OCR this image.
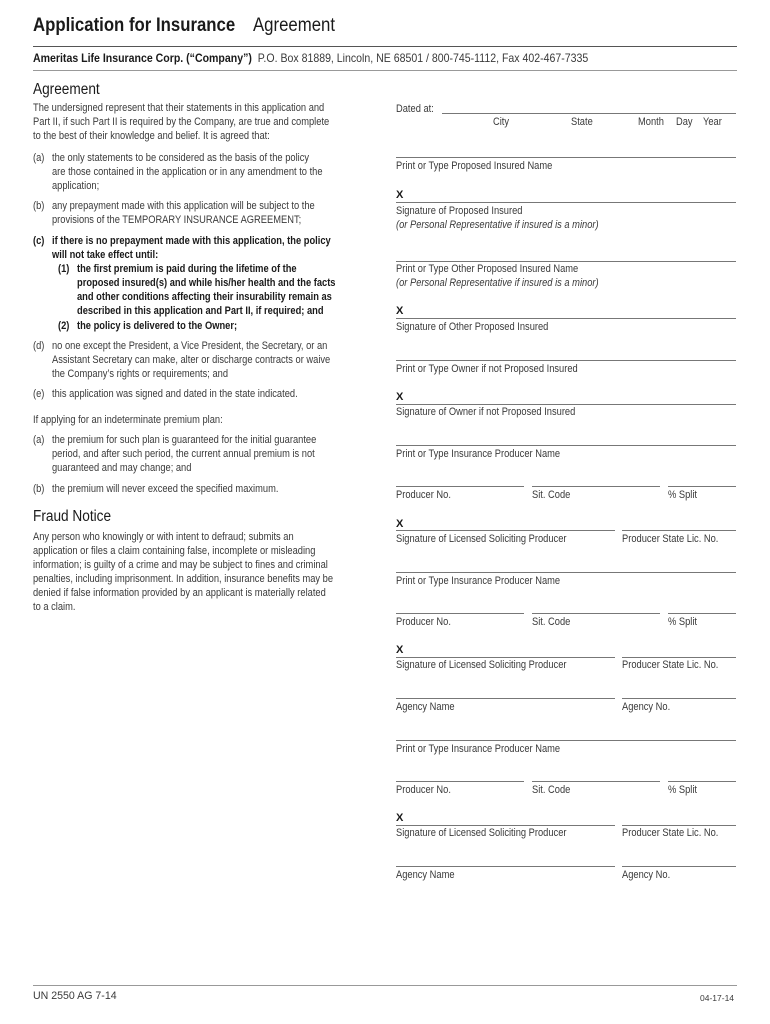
Application for Insurance Agreement
Ameritas Life Insurance Corp. (“Company”) P.O. Box 81889, Lincoln, NE 68501 / 800-745-1112, Fax 402-467-7335
Agreement
The undersigned represent that their statements in this application and
Part II, if such Part II is required by the Company, are true and complete
to the best of their knowledge and belief. It is agreed that:
(a) the only statements to be considered as the basis of the policy
are those contained in the application or in any amendment to the
application;
(b) any prepayment made with this application will be subject to the
provisions of the TEMPORARY INSURANCE AGREEMENT;
(c) if there is no prepayment made with this application, the policy
will not take effect until:
(1) the first premium is paid during the lifetime of the
proposed insured(s) and while his/her health and the facts
and other conditions affecting their insurability remain as
described in this application and Part II, if required; and
(2) the policy is delivered to the Owner;
(d) no one except the President, a Vice President, the Secretary, or an
Assistant Secretary can make, alter or discharge contracts or waive
the Company’s rights or requirements; and
(e) this application was signed and dated in the state indicated.
If applying for an indeterminate premium plan:
(a) the premium for such plan is guaranteed for the initial guarantee
period, and after such period, the current annual premium is not
guaranteed and may change; and
(b) the premium will never exceed the specified maximum.
Fraud Notice
Any person who knowingly or with intent to defraud; submits an
application or files a claim containing false, incomplete or misleading
information; is guilty of a crime and may be subject to fines and criminal
penalties, including imprisonment. In addition, insurance benefits may be
denied if false information provided by an applicant is materially related
to a claim.
Dated at:
City	State	Month Day Year
Print or Type Proposed Insured Name
X
Signature of Proposed Insured
(or Personal Representative if insured is a minor)
Print or Type Other Proposed Insured Name
(or Personal Representative if insured is a minor)
X
Signature of Other Proposed Insured
Print or Type Owner if not Proposed Insured
X
Signature of Owner if not Proposed Insured
Print or Type Insurance Producer Name
Producer No.	Sit. Code	% Split
X
Signature of Licensed Soliciting Producer	Producer State Lic. No.
Print or Type Insurance Producer Name
Producer No.	Sit. Code	% Split
X
Signature of Licensed Soliciting Producer	Producer State Lic. No.
Agency Name	Agency No.
Print or Type Insurance Producer Name
Producer No.	Sit. Code	% Split
X
Signature of Licensed Soliciting Producer	Producer State Lic. No.
Agency Name	Agency No.
UN 2550 AG 7-14	04-17-14
